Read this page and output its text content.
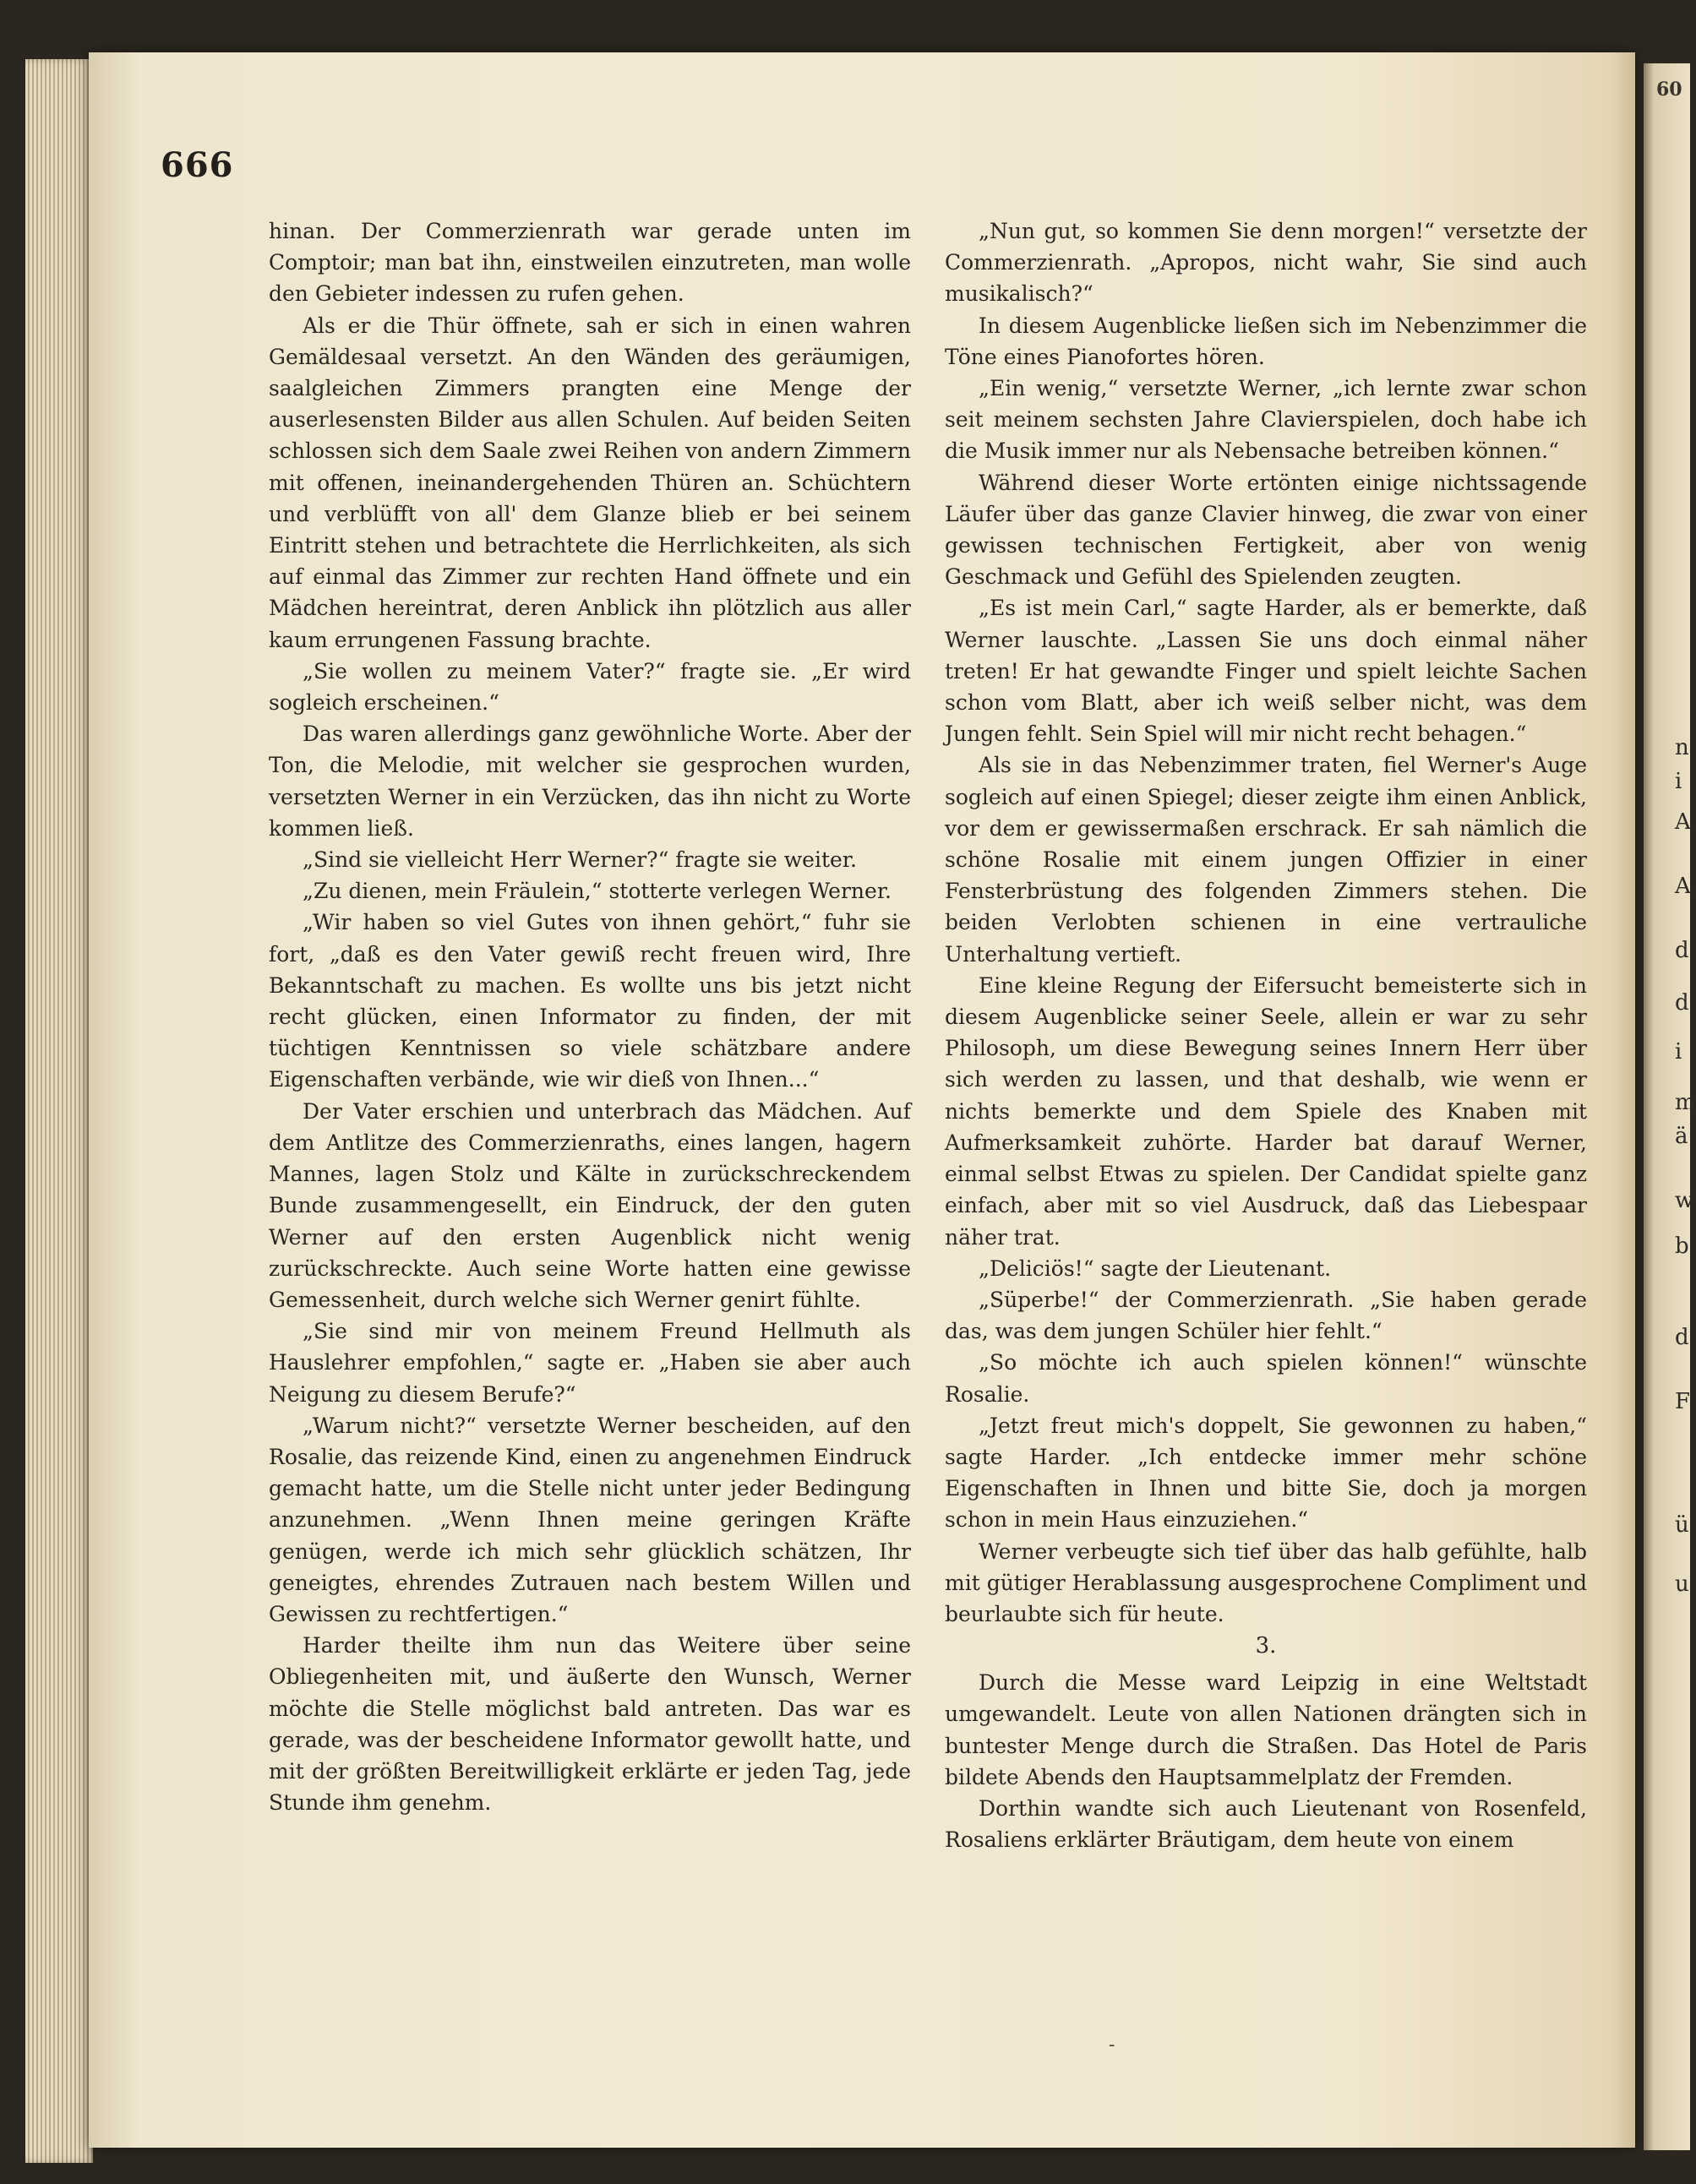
666

hinan. Der Commerzienrath war gerade unten im Comptoir; man bat ihn, einstweilen einzutreten, man wolle den Gebieter indessen zu rufen gehen.

Als er die Thür öffnete, sah er sich in einen wahren Gemäldesaal versetzt. An den Wänden des geräumigen, saalgleichen Zimmers prangten eine Menge der auserlesensten Bilder aus allen Schulen. Auf beiden Seiten schlossen sich dem Saale zwei Reihen von andern Zimmern mit offenen, ineinandergehenden Thüren an. Schüchtern und verblüfft von all' dem Glanze blieb er bei seinem Eintritt stehen und betrachtete die Herrlichkeiten, als sich auf einmal das Zimmer zur rechten Hand öffnete und ein Mädchen hereintrat, deren Anblick ihn plötzlich aus aller kaum errungenen Fassung brachte.

„Sie wollen zu meinem Vater?“ fragte sie. „Er wird sogleich erscheinen.“

Das waren allerdings ganz gewöhnliche Worte. Aber der Ton, die Melodie, mit welcher sie gesprochen wurden, versetzten Werner in ein Verzücken, das ihn nicht zu Worte kommen ließ.

„Sind sie vielleicht Herr Werner?“ fragte sie weiter.

„Zu dienen, mein Fräulein,“ stotterte verlegen Werner.

„Wir haben so viel Gutes von ihnen gehört,“ fuhr sie fort, „daß es den Vater gewiß recht freuen wird, Ihre Bekanntschaft zu machen. Es wollte uns bis jetzt nicht recht glücken, einen Informator zu finden, der mit tüchtigen Kenntnissen so viele schätzbare andere Eigenschaften verbände, wie wir dieß von Ihnen...“

Der Vater erschien und unterbrach das Mädchen. Auf dem Antlitze des Commerzienraths, eines langen, hagern Mannes, lagen Stolz und Kälte in zurückschreckendem Bunde zusammengesellt, ein Eindruck, der den guten Werner auf den ersten Augenblick nicht wenig zurückschreckte. Auch seine Worte hatten eine gewisse Gemessenheit, durch welche sich Werner genirt fühlte.

„Sie sind mir von meinem Freund Hellmuth als Hauslehrer empfohlen,“ sagte er. „Haben sie aber auch Neigung zu diesem Berufe?“

„Warum nicht?“ versetzte Werner bescheiden, auf den Rosalie, das reizende Kind, einen zu angenehmen Eindruck gemacht hatte, um die Stelle nicht unter jeder Bedingung anzunehmen. „Wenn Ihnen meine geringen Kräfte genügen, werde ich mich sehr glücklich schätzen, Ihr geneigtes, ehrendes Zutrauen nach bestem Willen und Gewissen zu rechtfertigen.“

Harder theilte ihm nun das Weitere über seine Obliegenheiten mit, und äußerte den Wunsch, Werner möchte die Stelle möglichst bald antreten. Das war es gerade, was der bescheidene Informator gewollt hatte, und mit der größten Bereitwilligkeit erklärte er jeden Tag, jede Stunde ihm genehm.

„Nun gut, so kommen Sie denn morgen!“ versetzte der Commerzienrath. „Apropos, nicht wahr, Sie sind auch musikalisch?“

In diesem Augenblicke ließen sich im Nebenzimmer die Töne eines Pianofortes hören.

„Ein wenig,“ versetzte Werner, „ich lernte zwar schon seit meinem sechsten Jahre Clavierspielen, doch habe ich die Musik immer nur als Nebensache betreiben können.“

Während dieser Worte ertönten einige nichtssagende Läufer über das ganze Clavier hinweg, die zwar von einer gewissen technischen Fertigkeit, aber von wenig Geschmack und Gefühl des Spielenden zeugten.

„Es ist mein Carl,“ sagte Harder, als er bemerkte, daß Werner lauschte. „Lassen Sie uns doch einmal näher treten! Er hat gewandte Finger und spielt leichte Sachen schon vom Blatt, aber ich weiß selber nicht, was dem Jungen fehlt. Sein Spiel will mir nicht recht behagen.“

Als sie in das Nebenzimmer traten, fiel Werner's Auge sogleich auf einen Spiegel; dieser zeigte ihm einen Anblick, vor dem er gewissermaßen erschrack. Er sah nämlich die schöne Rosalie mit einem jungen Offizier in einer Fensterbrüstung des folgenden Zimmers stehen. Die beiden Verlobten schienen in eine vertrauliche Unterhaltung vertieft.

Eine kleine Regung der Eifersucht bemeisterte sich in diesem Augenblicke seiner Seele, allein er war zu sehr Philosoph, um diese Bewegung seines Innern Herr über sich werden zu lassen, und that deshalb, wie wenn er nichts bemerkte und dem Spiele des Knaben mit Aufmerksamkeit zuhörte. Harder bat darauf Werner, einmal selbst Etwas zu spielen. Der Candidat spielte ganz einfach, aber mit so viel Ausdruck, daß das Liebespaar näher trat.

„Deliciös!“ sagte der Lieutenant.

„Süperbe!“ der Commerzienrath. „Sie haben gerade das, was dem jungen Schüler hier fehlt.“

„So möchte ich auch spielen können!“ wünschte Rosalie.

„Jetzt freut mich's doppelt, Sie gewonnen zu haben,“ sagte Harder. „Ich entdecke immer mehr schöne Eigenschaften in Ihnen und bitte Sie, doch ja morgen schon in mein Haus einzuziehen.“

Werner verbeugte sich tief über das halb gefühlte, halb mit gütiger Herablassung ausgesprochene Compliment und beurlaubte sich für heute.

3.

Durch die Messe ward Leipzig in eine Weltstadt umgewandelt. Leute von allen Nationen drängten sich in buntester Menge durch die Straßen. Das Hotel de Paris bildete Abends den Hauptsammelplatz der Fremden.

Dorthin wandte sich auch Lieutenant von Rosenfeld, Rosaliens erklärter Bräutigam, dem heute von einem

-
60
n
i
A
A
d
d
i
m
ä
w
b
d
F
ü
u
